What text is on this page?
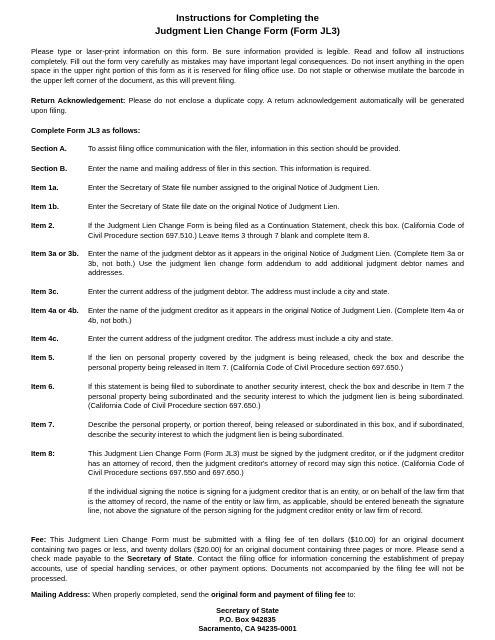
Instructions for Completing the
Judgment Lien Change Form (Form JL3)

Please type or laser-print information on this form. Be sure information provided is legible. Read and follow all instructions completely. Fill out the form very carefully as mistakes may have important legal consequences. Do not insert anything in the open space in the upper right portion of this form as it is reserved for filing office use. Do not staple or otherwise mutilate the barcode in the upper left corner of the document, as this will prevent filing.

Return Acknowledgement: Please do not enclose a duplicate copy. A return acknowledgement automatically will be generated upon filing.

Complete Form JL3 as follows:

Section A.	To assist filing office communication with the filer, information in this section should be provided.
Section B.	Enter the name and mailing address of filer in this section. This information is required.
Item 1a.	Enter the Secretary of State file number assigned to the original Notice of Judgment Lien.
Item 1b.	Enter the Secretary of State file date on the original Notice of Judgment Lien.
Item 2.	If the Judgment Lien Change Form is being filed as a Continuation Statement, check this box. (California Code of Civil Procedure section 697.510.) Leave Items 3 through 7 blank and complete Item 8.
Item 3a or 3b.	Enter the name of the judgment debtor as it appears in the original Notice of Judgment Lien. (Complete Item 3a or 3b, not both.) Use the judgment lien change form addendum to add additional judgment debtor names and addresses.
Item 3c.	Enter the current address of the judgment debtor. The address must include a city and state.
Item 4a or 4b.	Enter the name of the judgment creditor as it appears in the original Notice of Judgment Lien. (Complete Item 4a or 4b, not both.)
Item 4c.	Enter the current address of the judgment creditor. The address must include a city and state.
Item 5.	If the lien on personal property covered by the judgment is being released, check the box and describe the personal property being released in Item 7. (California Code of Civil Procedure section 697.650.)
Item 6.	If this statement is being filed to subordinate to another security interest, check the box and describe in Item 7 the personal property being subordinated and the security interest to which the judgment lien is being subordinated. (California Code of Civil Procedure section 697.650.)
Item 7.	Describe the personal property, or portion thereof, being released or subordinated in this box, and if subordinated, describe the security interest to which the judgment lien is being subordinated.
Item 8:	This Judgment Lien Change Form (Form JL3) must be signed by the judgment creditor, or if the judgment creditor has an attorney of record, then the judgment creditor's attorney of record may sign this notice. (California Code of Civil Procedure sections 697.550 and 697.650.)
If the individual signing the notice is signing for a judgment creditor that is an entity, or on behalf of the law firm that is the attorney of record, the name of the entity or law firm, as applicable, should be entered beneath the signature line, not above the signature of the person signing for the judgment creditor entity or law firm of record.

Fee: This Judgment Lien Change Form must be submitted with a filing fee of ten dollars ($10.00) for an original document containing two pages or less, and twenty dollars ($20.00) for an original document containing three pages or more. Please send a check made payable to the Secretary of State. Contact the filing office for information concerning the establishment of prepay accounts, use of special handling services, or other payment options. Documents not accompanied by the filing fee will not be processed.

Mailing Address: When properly completed, send the original form and payment of filing fee to:

Secretary of State
P.O. Box 942835
Sacramento, CA 94235-0001
